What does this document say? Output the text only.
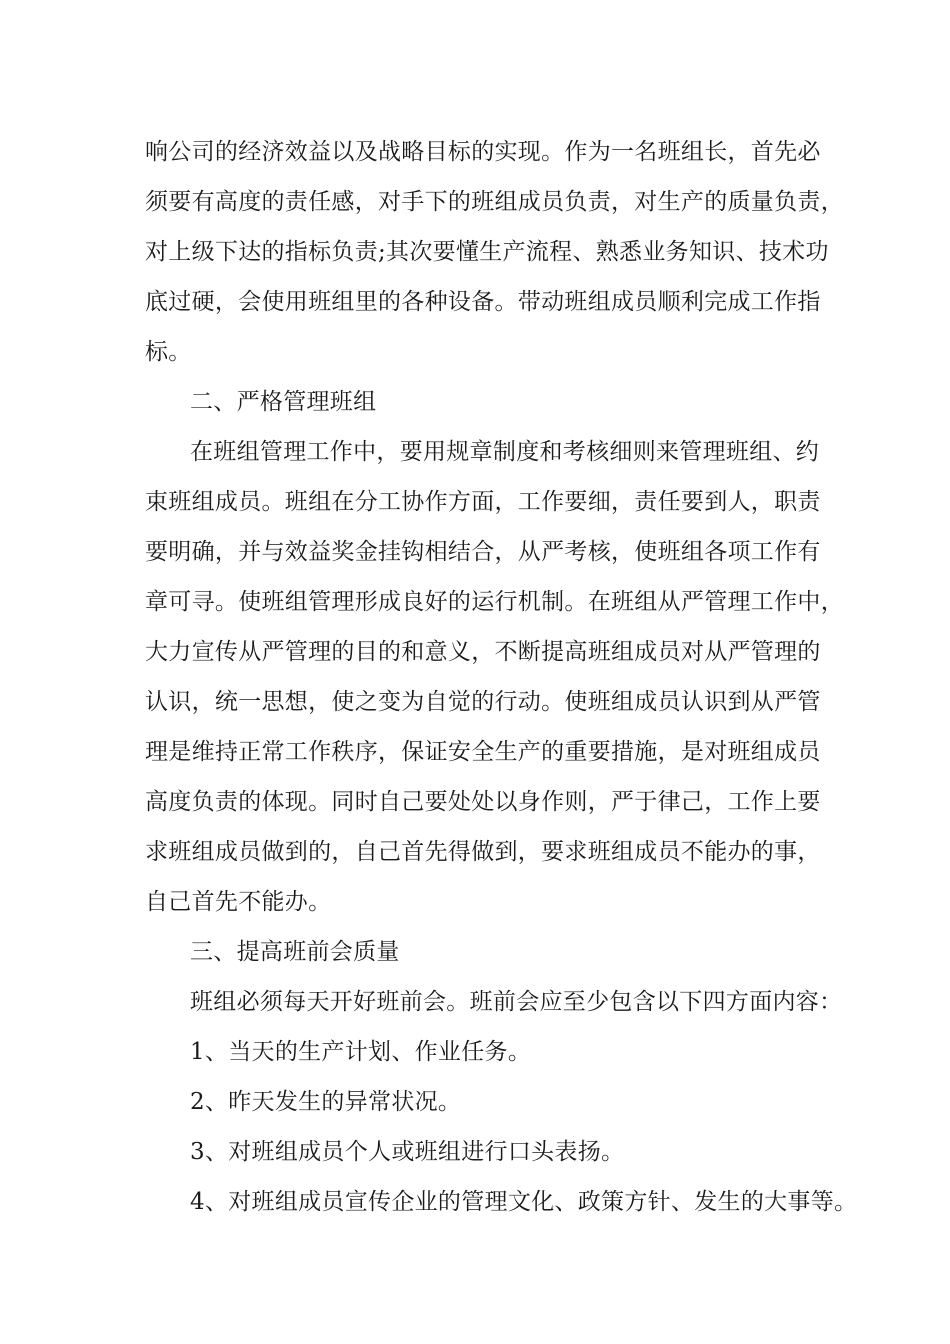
响公司的经济效益以及战略目标的实现。作为一名班组长，首先必
须要有高度的责任感，对手下的班组成员负责，对生产的质量负责，
对上级下达的指标负责;其次要懂生产流程、熟悉业务知识、技术功
底过硬，会使用班组里的各种设备。带动班组成员顺利完成工作指
标。
二、严格管理班组
在班组管理工作中，要用规章制度和考核细则来管理班组、约
束班组成员。班组在分工协作方面，工作要细，责任要到人，职责
要明确，并与效益奖金挂钩相结合，从严考核，使班组各项工作有
章可寻。使班组管理形成良好的运行机制。在班组从严管理工作中，
大力宣传从严管理的目的和意义，不断提高班组成员对从严管理的
认识，统一思想，使之变为自觉的行动。使班组成员认识到从严管
理是维持正常工作秩序，保证安全生产的重要措施，是对班组成员
高度负责的体现。同时自己要处处以身作则，严于律己，工作上要
求班组成员做到的，自己首先得做到，要求班组成员不能办的事，
自己首先不能办。
三、提高班前会质量
班组必须每天开好班前会。班前会应至少包含以下四方面内容：
1、当天的生产计划、作业任务。
2、昨天发生的异常状况。
3、对班组成员个人或班组进行口头表扬。
4、对班组成员宣传企业的管理文化、政策方针、发生的大事等。
